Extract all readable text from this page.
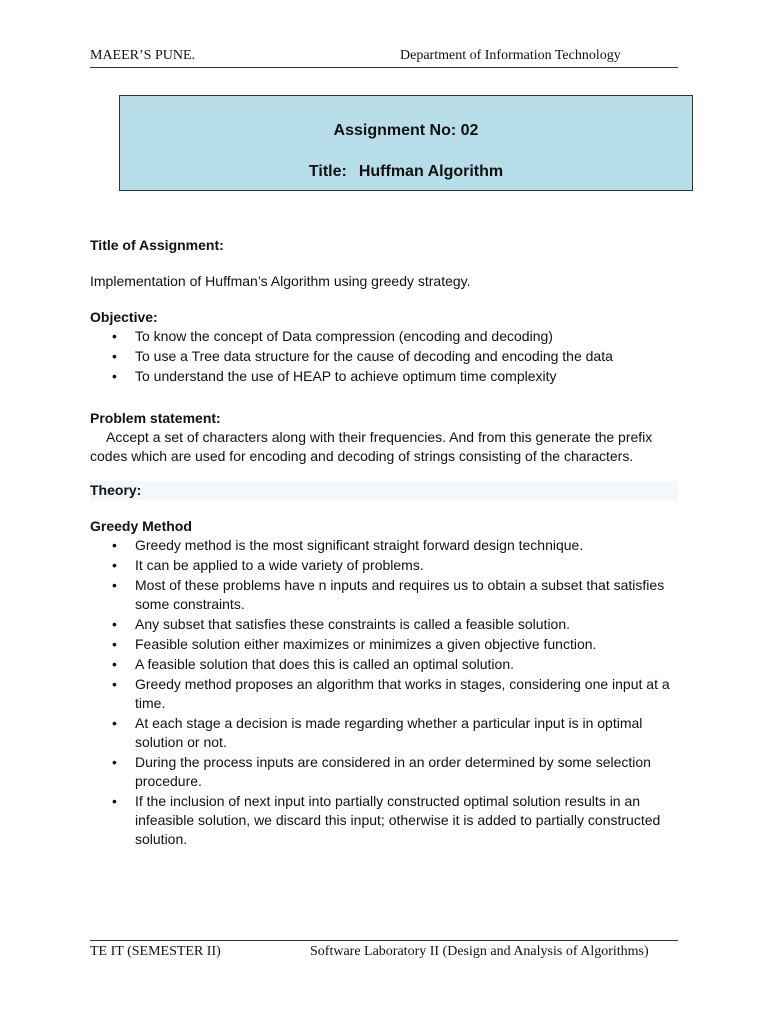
MAEER’S PUNE.	Department of Information Technology
Assignment No: 02
Title: Huffman Algorithm
Title of Assignment:

Implementation of Huffman’s Algorithm using greedy strategy.

Objective:
• To know the concept of Data compression (encoding and decoding)
• To use a Tree data structure for the cause of decoding and encoding the data
• To understand the use of HEAP to achieve optimum time complexity
Problem statement:

Accept a set of characters along with their frequencies. And from this generate the prefix codes which are used for encoding and decoding of strings consisting of the characters.

Theory:
Greedy Method
• Greedy method is the most significant straight forward design technique.
• It can be applied to a wide variety of problems.
• Most of these problems have n inputs and requires us to obtain a subset that satisfies some constraints.
• Any subset that satisfies these constraints is called a feasible solution.
• Feasible solution either maximizes or minimizes a given objective function.
• A feasible solution that does this is called an optimal solution.
• Greedy method proposes an algorithm that works in stages, considering one input at a time.
• At each stage a decision is made regarding whether a particular input is in optimal solution or not.
• During the process inputs are considered in an order determined by some selection procedure.
• If the inclusion of next input into partially constructed optimal solution results in an infeasible solution, we discard this input; otherwise it is added to partially constructed solution.
TE IT (SEMESTER II)	Software Laboratory II (Design and Analysis of Algorithms)
